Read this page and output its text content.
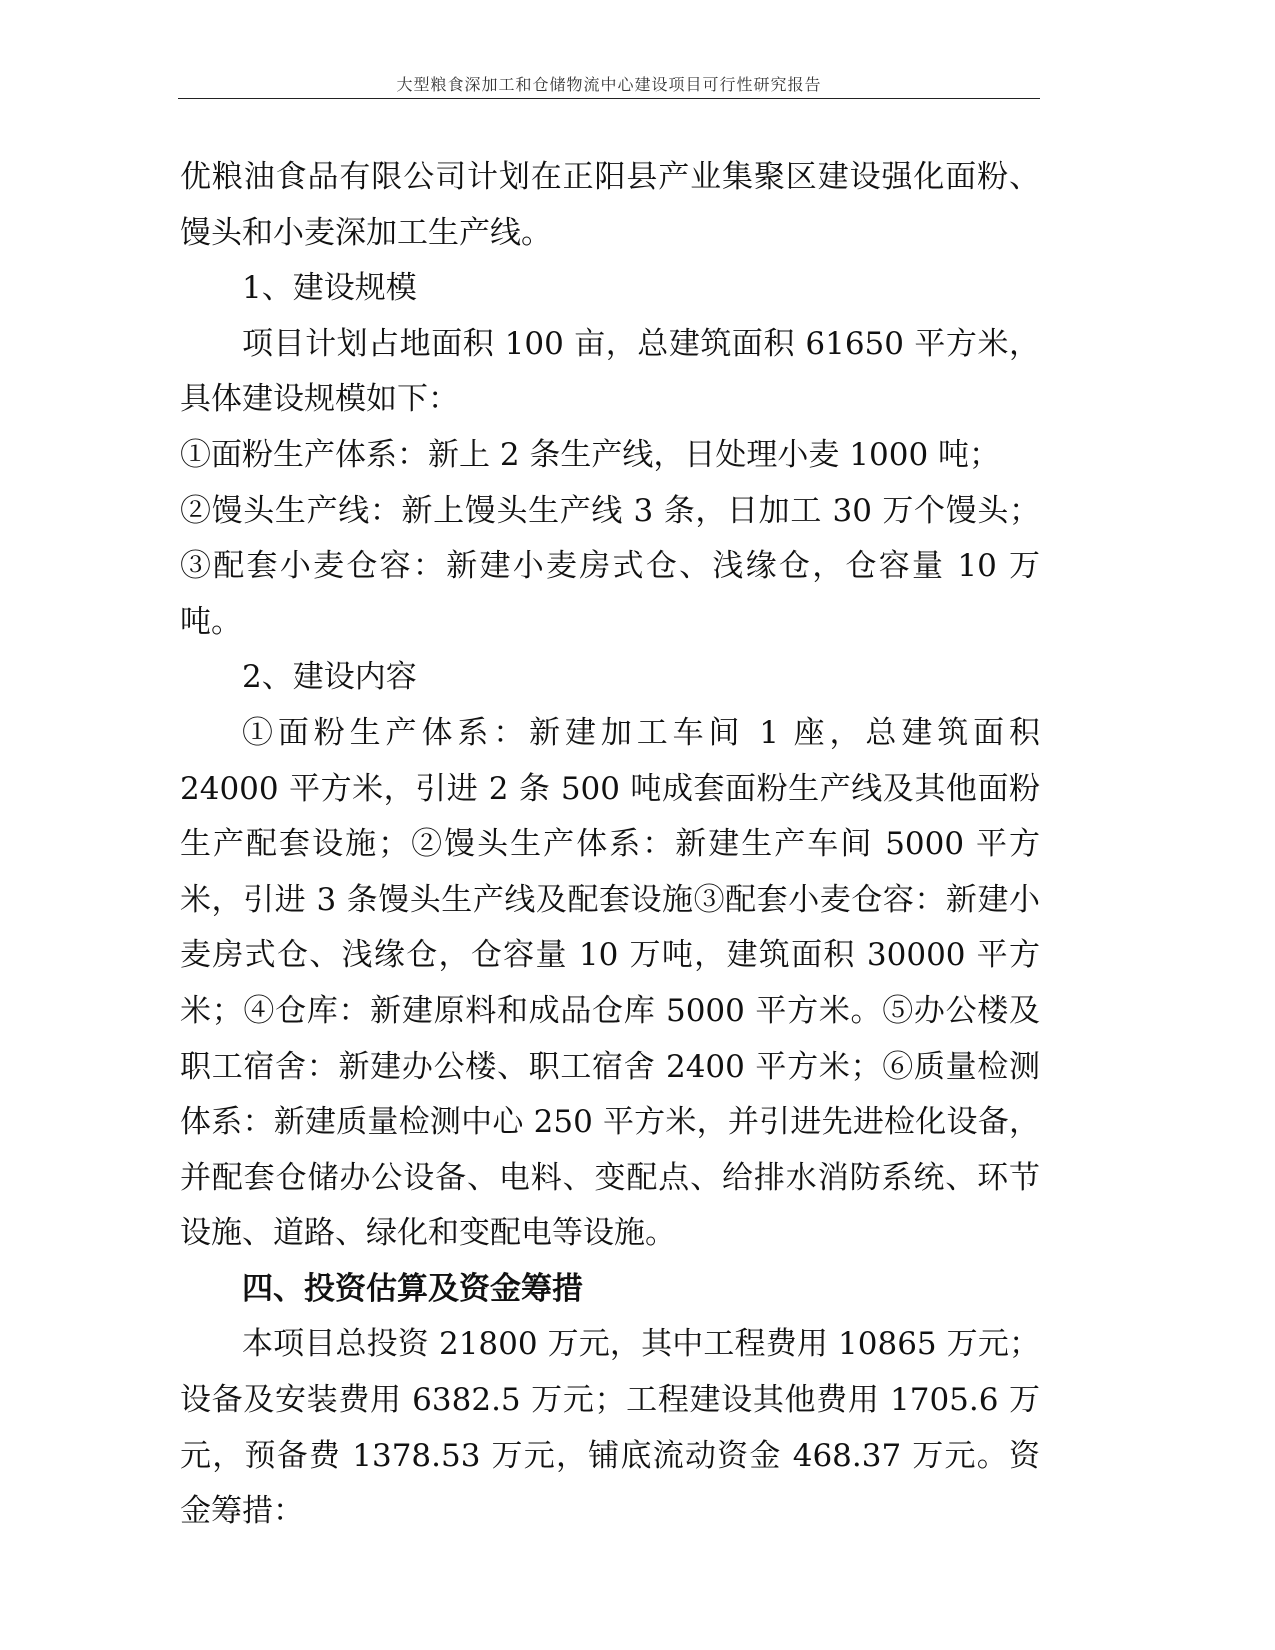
大型粮食深加工和仓储物流中心建设项目可行性研究报告

优粮油食品有限公司计划在正阳县产业集聚区建设强化面粉、馒头和小麦深加工生产线。

1、建设规模

项目计划占地面积 100 亩，总建筑面积 61650 平方米，具体建设规模如下：

①面粉生产体系：新上 2 条生产线，日处理小麦 1000 吨；

②馒头生产线：新上馒头生产线 3 条，日加工 30 万个馒头；③配套小麦仓容：新建小麦房式仓、浅缘仓，仓容量 10 万吨。

2、建设内容

①面粉生产体系：新建加工车间 1 座，总建筑面积 24000 平方米，引进 2 条 500 吨成套面粉生产线及其他面粉生产配套设施；②馒头生产体系：新建生产车间 5000 平方米，引进 3 条馒头生产线及配套设施③配套小麦仓容：新建小麦房式仓、浅缘仓，仓容量 10 万吨，建筑面积 30000 平方米；④仓库：新建原料和成品仓库 5000 平方米。⑤办公楼及职工宿舍：新建办公楼、职工宿舍 2400 平方米；⑥质量检测体系：新建质量检测中心 250 平方米，并引进先进检化设备，并配套仓储办公设备、电料、变配点、给排水消防系统、环节设施、道路、绿化和变配电等设施。

四、投资估算及资金筹措

本项目总投资 21800 万元，其中工程费用 10865 万元；设备及安装费用 6382.5 万元；工程建设其他费用 1705.6 万元，预备费 1378.53 万元，铺底流动资金 468.37 万元。资金筹措：
